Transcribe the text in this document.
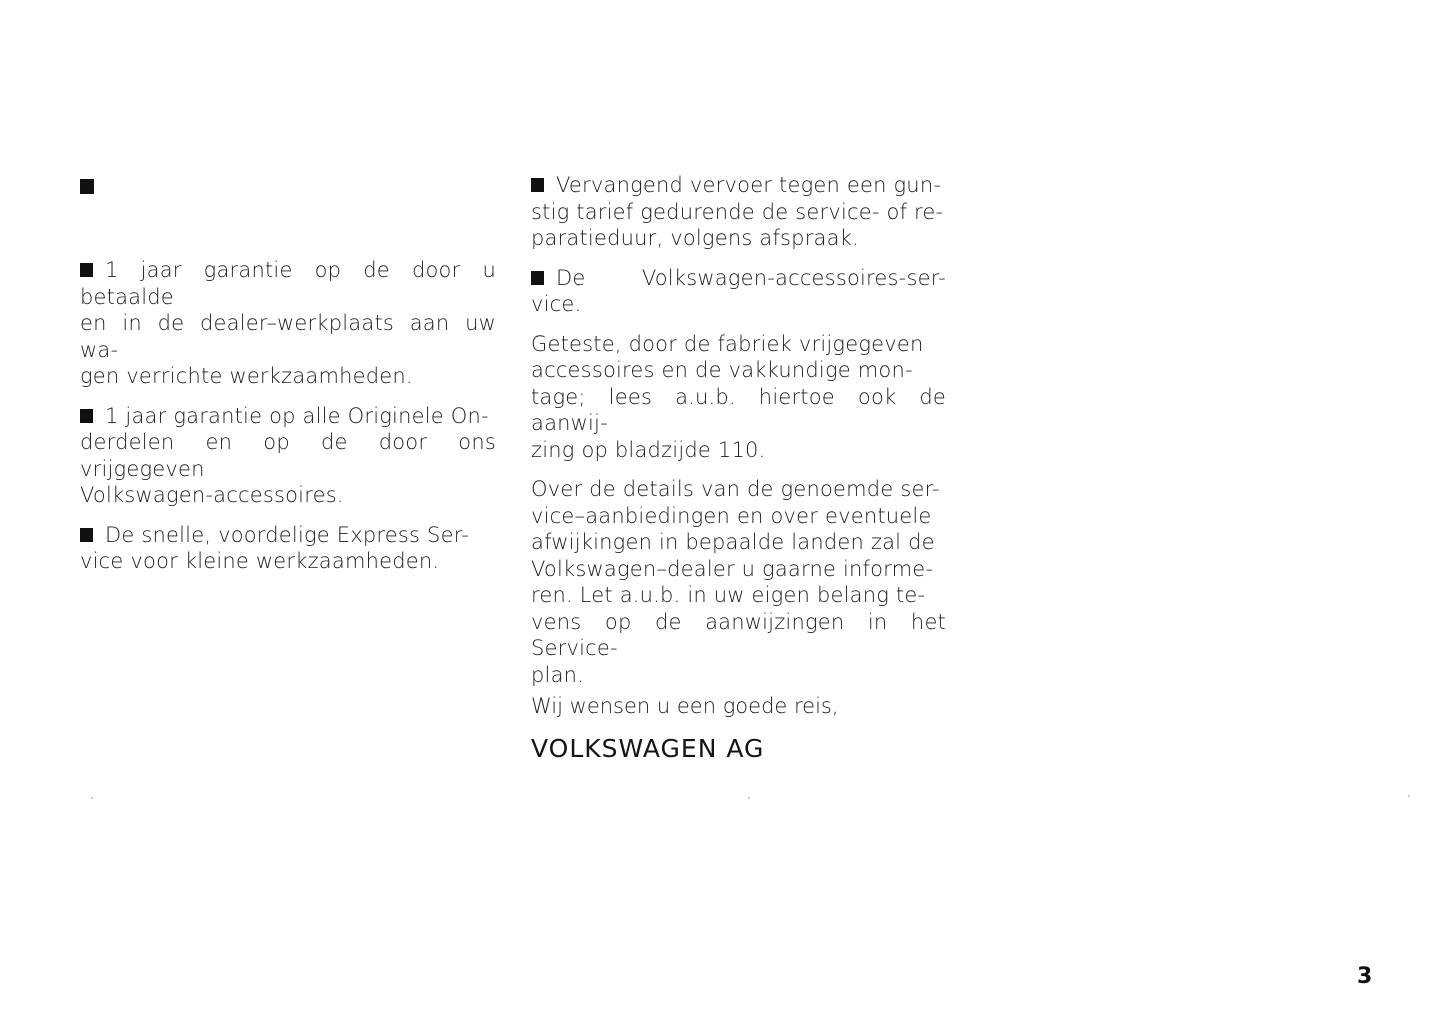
1 jaar garantie op de door u betaalde
en in de dealer–werkplaats aan uw wa-
gen verrichte werkzaamheden.
1 jaar garantie op alle Originele On-
derdelen en op de door ons vrijgegeven
Volkswagen-accessoires.
De snelle, voordelige Express Ser-
vice voor kleine werkzaamheden.
Vervangend vervoer tegen een gun-
stig tarief gedurende de service- of re-
paratieduur, volgens afspraak.
De	Volkswagen-accessoires-ser-
vice.
Geteste, door de fabriek vrijgegeven
accessoires en de vakkundige mon-
tage; lees a.u.b. hiertoe ook de aanwij-
zing op bladzijde 110.
Over de details van de genoemde ser-
vice–aanbiedingen en over eventuele
afwijkingen in bepaalde landen zal de
Volkswagen–dealer u gaarne informe-
ren. Let a.u.b. in uw eigen belang te-
vens op de aanwijzingen in het Service-
plan.
Wij wensen u een goede reis,
VOLKSWAGEN AG
3
